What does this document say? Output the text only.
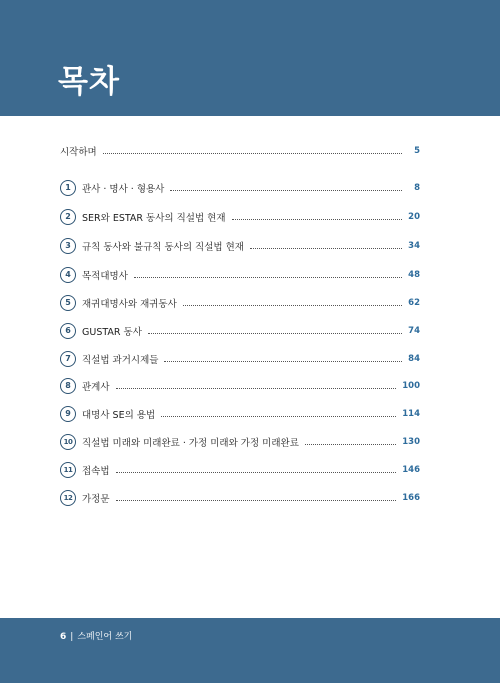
목차
시작하며	5
1	관사 · 명사 · 형용사	8
2	SER와 ESTAR 동사의 직설법 현재	20
3	규칙 동사와 불규칙 동사의 직설법 현재	34
4	목적대명사	48
5	재귀대명사와 재귀동사	62
6	GUSTAR 동사	74
7	직설법 과거시제들	84
8	관계사	100
9	대명사 SE의 용법	114
10	직설법 미래와 미래완료 · 가정 미래와 가정 미래완료	130
11	접속법	146
12	가정문	166
6 | 스페인어 쓰기
